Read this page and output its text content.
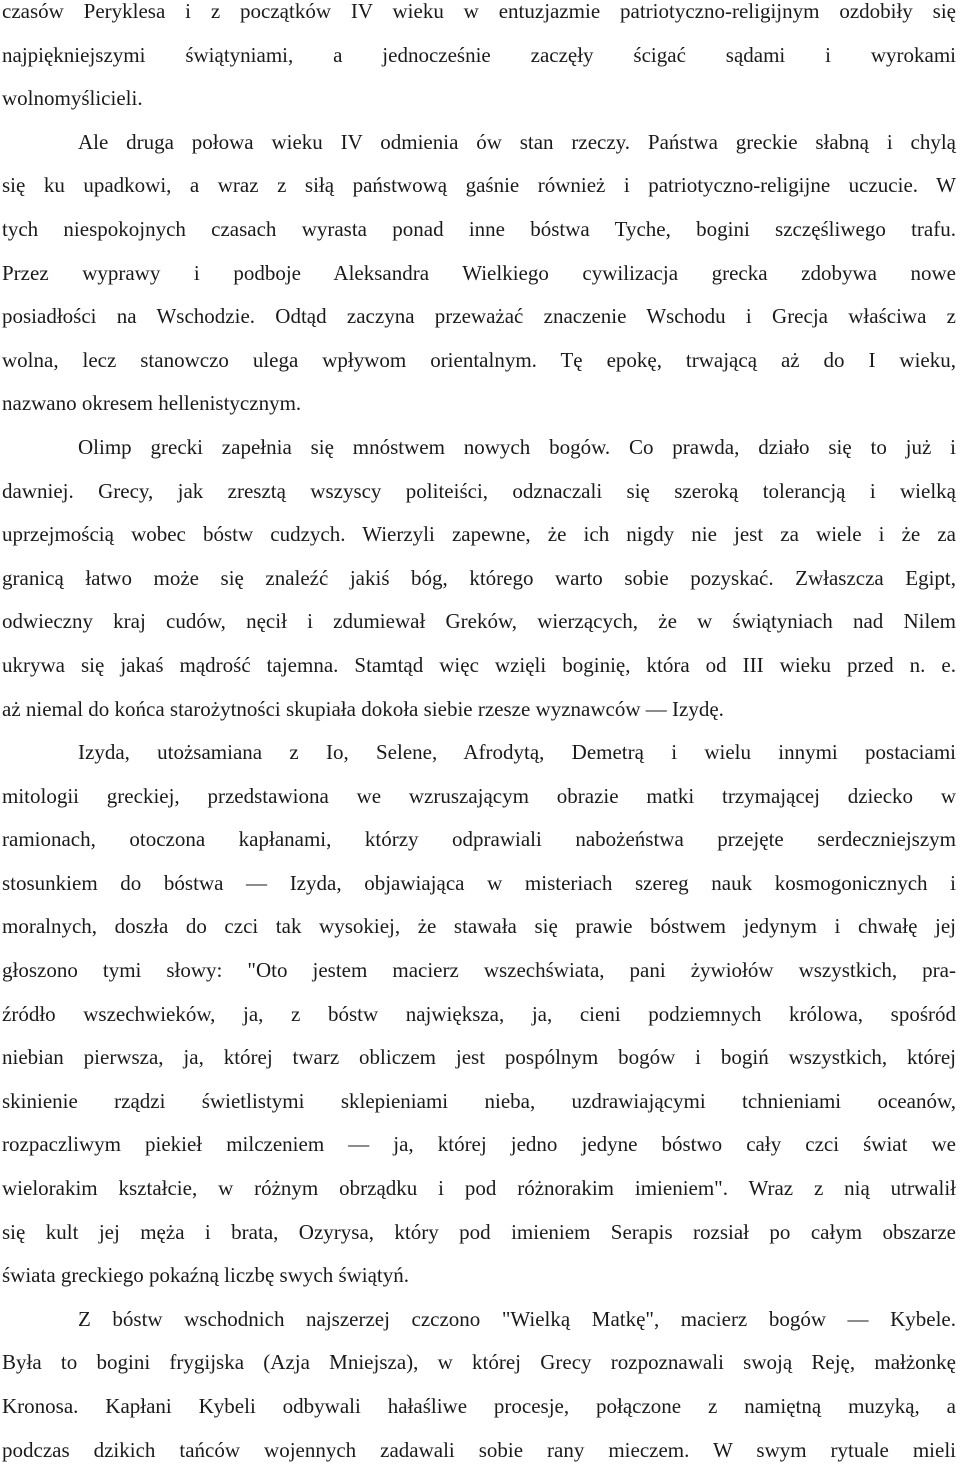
czasów Peryklesa i z początków IV wieku w entuzjazmie patriotyczno-religijnym ozdobiły się
najpiękniejszymi świątyniami, a jednocześnie zaczęły ścigać sądami i wyrokami
wolnomyślicieli.
Ale druga połowa wieku IV odmienia ów stan rzeczy. Państwa greckie słabną i chylą
się ku upadkowi, a wraz z siłą państwową gaśnie również i patriotyczno-religijne uczucie. W
tych niespokojnych czasach wyrasta ponad inne bóstwa Tyche, bogini szczęśliwego trafu.
Przez wyprawy i podboje Aleksandra Wielkiego cywilizacja grecka zdobywa nowe
posiadłości na Wschodzie. Odtąd zaczyna przeważać znaczenie Wschodu i Grecja właściwa z
wolna, lecz stanowczo ulega wpływom orientalnym. Tę epokę, trwającą aż do I wieku,
nazwano okresem hellenistycznym.
Olimp grecki zapełnia się mnóstwem nowych bogów. Co prawda, działo się to już i
dawniej. Grecy, jak zresztą wszyscy politeiści, odznaczali się szeroką tolerancją i wielką
uprzejmością wobec bóstw cudzych. Wierzyli zapewne, że ich nigdy nie jest za wiele i że za
granicą łatwo może się znaleźć jakiś bóg, którego warto sobie pozyskać. Zwłaszcza Egipt,
odwieczny kraj cudów, nęcił i zdumiewał Greków, wierzących, że w świątyniach nad Nilem
ukrywa się jakaś mądrość tajemna. Stamtąd więc wzięli boginię, która od III wieku przed n. e.
aż niemal do końca starożytności skupiała dokoła siebie rzesze wyznawców — Izydę.
Izyda, utożsamiana z Io, Selene, Afrodytą, Demetrą i wielu innymi postaciami
mitologii greckiej, przedstawiona we wzruszającym obrazie matki trzymającej dziecko w
ramionach, otoczona kapłanami, którzy odprawiali nabożeństwa przejęte serdeczniejszym
stosunkiem do bóstwa — Izyda, objawiająca w misteriach szereg nauk kosmogonicznych i
moralnych, doszła do czci tak wysokiej, że stawała się prawie bóstwem jedynym i chwałę jej
głoszono tymi słowy: "Oto jestem macierz wszechświata, pani żywiołów wszystkich, pra-
źródło wszechwieków, ja, z bóstw największa, ja, cieni podziemnych królowa, spośród
niebian pierwsza, ja, której twarz obliczem jest pospólnym bogów i bogiń wszystkich, której
skinienie rządzi świetlistymi sklepieniami nieba, uzdrawiającymi tchnieniami oceanów,
rozpaczliwym piekieł milczeniem — ja, której jedno jedyne bóstwo cały czci świat we
wielorakim kształcie, w różnym obrządku i pod różnorakim imieniem". Wraz z nią utrwalił
się kult jej męża i brata, Ozyrysa, który pod imieniem Serapis rozsiał po całym obszarze
świata greckiego pokaźną liczbę swych świątyń.
Z bóstw wschodnich najszerzej czczono "Wielką Matkę", macierz bogów — Kybele.
Była to bogini frygijska (Azja Mniejsza), w której Grecy rozpoznawali swoją Reję, małżonkę
Kronosa. Kapłani Kybeli odbywali hałaśliwe procesje, połączone z namiętną muzyką, a
podczas dzikich tańców wojennych zadawali sobie rany mieczem. W swym rytuale mieli
